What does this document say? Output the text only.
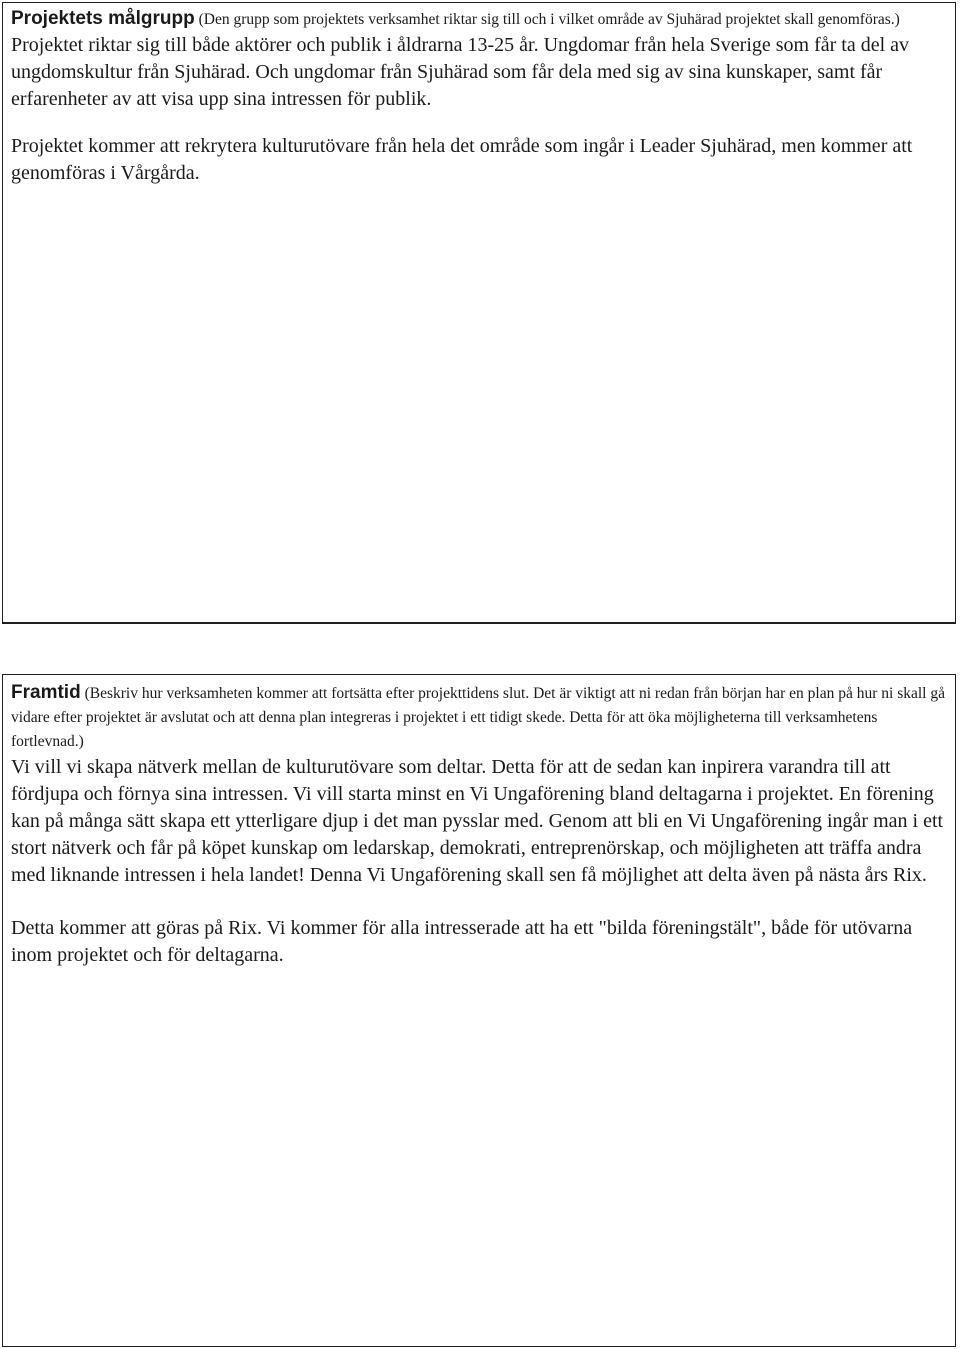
Projektets målgrupp (Den grupp som projektets verksamhet riktar sig till och i vilket område av Sjuhärad projektet skall genomföras.)

Projektet riktar sig till både aktörer och publik i åldrarna 13-25 år. Ungdomar från hela Sverige som får ta del av ungdomskultur från Sjuhärad. Och ungdomar från Sjuhärad som får dela med sig av sina kunskaper, samt får erfarenheter av att visa upp sina intressen för publik.

Projektet kommer att rekrytera kulturutövare från hela det område som ingår i Leader Sjuhärad, men kommer att genomföras i Vårgårda.

Framtid (Beskriv hur verksamheten kommer att fortsätta efter projekttidens slut. Det är viktigt att ni redan från början har en plan på hur ni skall gå vidare efter projektet är avslutat och att denna plan integreras i projektet i ett tidigt skede. Detta för att öka möjligheterna till verksamhetens fortlevnad.)

Vi vill vi skapa nätverk mellan de kulturutövare som deltar. Detta för att de sedan kan inpirera varandra till att fördjupa och förnya sina intressen. Vi vill starta minst en Vi Ungaförening bland deltagarna i projektet. En förening kan på många sätt skapa ett ytterligare djup i det man pysslar med. Genom att bli en Vi Ungaförening ingår man i ett stort nätverk och får på köpet kunskap om ledarskap, demokrati, entreprenörskap, och möjligheten att träffa andra med liknande intressen i hela landet! Denna Vi Ungaförening skall sen få möjlighet att delta även på nästa års Rix.

Detta kommer att göras på Rix. Vi kommer för alla intresserade att ha ett "bilda föreningstält", både för utövarna inom projektet och för deltagarna.
